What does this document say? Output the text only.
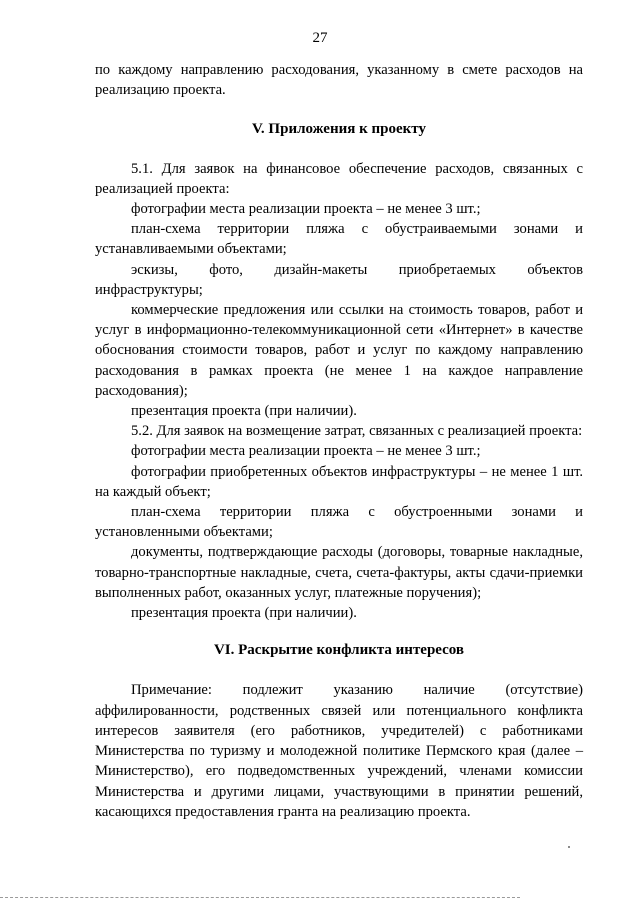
27

по каждому направлению расходования, указанному в смете расходов на реализацию проекта.

V. Приложения к проекту

5.1. Для заявок на финансовое обеспечение расходов, связанных с реализацией проекта:

фотографии места реализации проекта – не менее 3 шт.;

план-схема территории пляжа с обустраиваемыми зонами и устанавливаемыми объектами;

эскизы, фото, дизайн-макеты приобретаемых объектов инфраструктуры;

коммерческие предложения или ссылки на стоимость товаров, работ и услуг в информационно-телекоммуникационной сети «Интернет» в качестве обоснования стоимости товаров, работ и услуг по каждому направлению расходования в рамках проекта (не менее 1 на каждое направление расходования);

презентация проекта (при наличии).

5.2. Для заявок на возмещение затрат, связанных с реализацией проекта:

фотографии места реализации проекта – не менее 3 шт.;

фотографии приобретенных объектов инфраструктуры – не менее 1 шт. на каждый объект;

план-схема территории пляжа с обустроенными зонами и установленными объектами;

документы, подтверждающие расходы (договоры, товарные накладные, товарно-транспортные накладные, счета, счета-фактуры, акты сдачи-приемки выполненных работ, оказанных услуг, платежные поручения);

презентация проекта (при наличии).

VI. Раскрытие конфликта интересов

Примечание: подлежит указанию наличие (отсутствие) аффилированности, родственных связей или потенциального конфликта интересов заявителя (его работников, учредителей) с работниками Министерства по туризму и молодежной политике Пермского края (далее – Министерство), его подведомственных учреждений, членами комиссии Министерства и другими лицами, участвующими в принятии решений, касающихся предоставления гранта на реализацию проекта.
